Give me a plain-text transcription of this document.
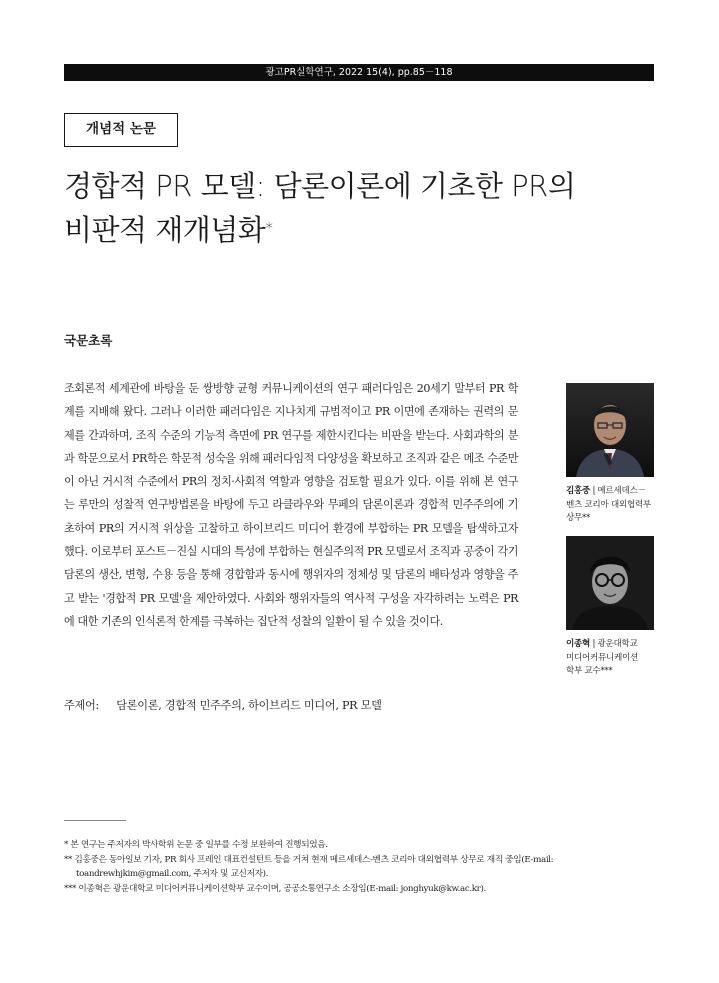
광고PR실학연구, 2022 15(4), pp.85－118
개념적 논문
경합적 PR 모델: 담론이론에 기초한 PR의
비판적 재개념화*
국문초록
조회론적 세계관에 바탕을 둔 쌍방향 균형 커뮤니케이션의 연구 패러다임은 20세기 말부터 PR 학계를 지배해 왔다. 그러나 이러한 패러다임은 지나치게 규범적이고 PR 이면에 존재하는 권력의 문제를 간과하며, 조직 수준의 기능적 측면에 PR 연구를 제한시킨다는 비판을 받는다. 사회과학의 분과 학문으로서 PR학은 학문적 성숙을 위해 패러다임적 다양성을 확보하고 조직과 같은 메조 수준만이 아닌 거시적 수준에서 PR의 정치·사회적 역할과 영향을 검토할 필요가 있다. 이를 위해 본 연구는 루만의 성찰적 연구방법론을 바탕에 두고 라클라우와 무페의 담론이론과 경합적 민주주의에 기초하여 PR의 거시적 위상을 고찰하고 하이브리드 미디어 환경에 부합하는 PR 모델을 탐색하고자 했다. 이로부터 포스트－진실 시대의 특성에 부합하는 현실주의적 PR 모델로서 조직과 공중이 각기 담론의 생산, 변형, 수용 등을 통해 경합함과 동시에 행위자의 정체성 및 담론의 배타성과 영향을 주고 받는 '경합적 PR 모델'을 제안하였다. 사회와 행위자들의 역사적 구성을 자각하려는 노력은 PR에 대한 기존의 인식론적 한계를 극복하는 집단적 성찰의 일환이 될 수 있을 것이다.
주제어: 담론이론, 경합적 민주주의, 하이브리드 미디어, PR 모델
김홍중 | 메르세데스－
벤츠 코리아 대외협력부
상무**
이종혁 | 광운대학교
미디어커뮤니케이션
학부 교수***
* 본 연구는 주저자의 박사학위 논문 중 일부를 수정 보완하여 진행되었음.
** 김홍중은 동아일보 기자, PR 회사 프레인 대표컨설턴트 등을 거쳐 현재 메르세데스-벤츠 코리아 대외협력부 상무로 재직 중임(E-mail: toandrewhjkim@gmail.com, 주저자 및 교신저자).
*** 이종혁은 광운대학교 미디어커뮤니케이션학부 교수이며, 공공소통연구소 소장임(E-mail: jonghyuk@kw.ac.kr).
